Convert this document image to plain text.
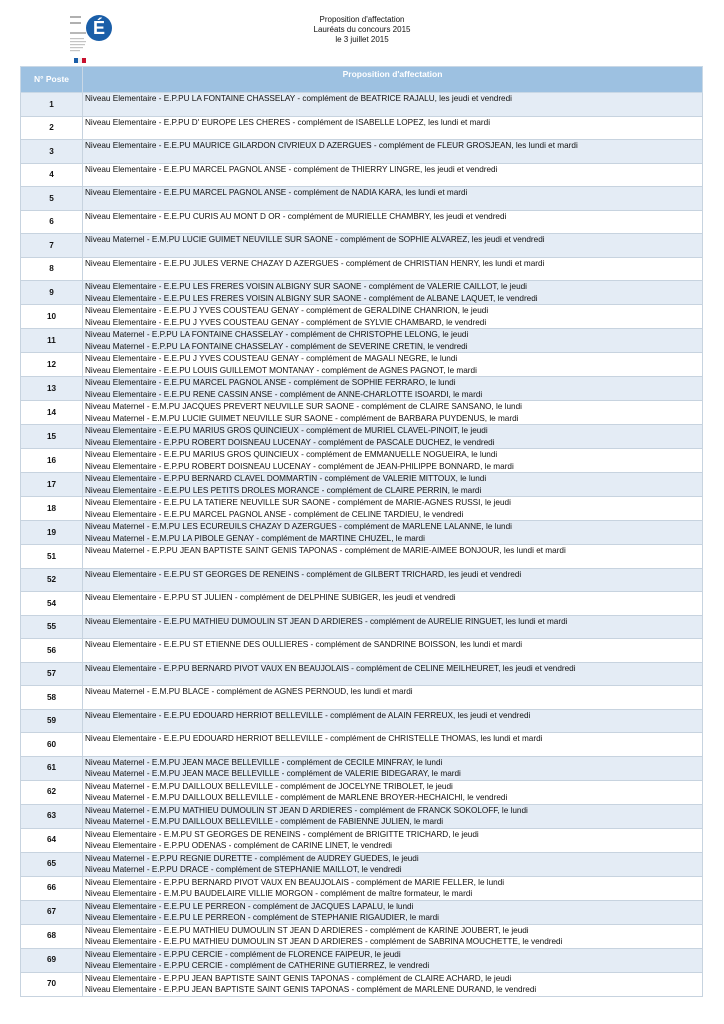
É	Proposition d'affectation
Lauréats du concours 2015
le 3 juillet 2015
N° Poste	Proposition d'affectation
1	Niveau Elementaire - E.P.PU LA FONTAINE CHASSELAY - complément de BEATRICE RAJALU, les jeudi et vendredi

2	Niveau Elementaire - E.P.PU D' EUROPE LES CHERES - complément de ISABELLE LOPEZ, les lundi et mardi

3	Niveau Elementaire - E.E.PU MAURICE GILARDON CIVRIEUX D AZERGUES - complément de FLEUR GROSJEAN, les lundi et mardi

4	Niveau Elementaire - E.E.PU MARCEL PAGNOL ANSE - complément de THIERRY LINGRE, les jeudi et vendredi

5	Niveau Elementaire - E.E.PU MARCEL PAGNOL ANSE - complément de NADIA KARA, les lundi et mardi

6	Niveau Elementaire - E.E.PU CURIS AU MONT D OR - complément de MURIELLE CHAMBRY, les jeudi et vendredi

7	Niveau Maternel - E.M.PU LUCIE GUIMET NEUVILLE SUR SAONE - complément de SOPHIE ALVAREZ, les jeudi et vendredi

8	Niveau Elementaire - E.E.PU JULES VERNE CHAZAY D AZERGUES - complément de CHRISTIAN HENRY, les lundi et mardi

9	Niveau Elementaire - E.E.PU LES FRERES VOISIN ALBIGNY SUR SAONE - complément de VALERIE CAILLOT, le jeudi
Niveau Elementaire - E.E.PU LES FRERES VOISIN ALBIGNY SUR SAONE - complément de ALBANE LAQUET, le vendredi

10	Niveau Elementaire - E.E.PU J YVES COUSTEAU GENAY - complément de GERALDINE CHANRION, le jeudi
Niveau Elementaire - E.E.PU J YVES COUSTEAU GENAY - complément de SYLVIE CHAMBARD, le vendredi

11	Niveau Maternel - E.P.PU LA FONTAINE CHASSELAY - complément de CHRISTOPHE LELONG, le jeudi
Niveau Maternel - E.P.PU LA FONTAINE CHASSELAY - complément de SEVERINE CRETIN, le vendredi

12	Niveau Elementaire - E.E.PU J YVES COUSTEAU GENAY - complément de MAGALI NEGRE, le lundi
Niveau Elementaire - E.E.PU LOUIS GUILLEMOT MONTANAY - complément de AGNES PAGNOT, le mardi

13	Niveau Elementaire - E.E.PU MARCEL PAGNOL ANSE - complément de SOPHIE FERRARO, le lundi
Niveau Elementaire - E.E.PU RENE CASSIN ANSE - complément de ANNE-CHARLOTTE ISOARDI, le mardi

14	Niveau Maternel - E.M.PU JACQUES PREVERT NEUVILLE SUR SAONE - complément de CLAIRE SANSANO, le lundi
Niveau Maternel - E.M.PU LUCIE GUIMET NEUVILLE SUR SAONE - complément de BARBARA PUYDENUS, le mardi

15	Niveau Elementaire - E.E.PU MARIUS GROS QUINCIEUX - complément de MURIEL CLAVEL-PINOIT, le jeudi
Niveau Elementaire - E.P.PU ROBERT DOISNEAU LUCENAY - complément de PASCALE DUCHEZ, le vendredi

16	Niveau Elementaire - E.E.PU MARIUS GROS QUINCIEUX - complément de EMMANUELLE NOGUEIRA, le lundi
Niveau Elementaire - E.P.PU ROBERT DOISNEAU LUCENAY - complément de JEAN-PHILIPPE BONNARD, le mardi

17	Niveau Elementaire - E.P.PU BERNARD CLAVEL DOMMARTIN - complément de VALERIE MITTOUX, le lundi
Niveau Elementaire - E.E.PU LES PETITS DROLES MORANCE - complément de CLAIRE PERRIN, le mardi

18	Niveau Elementaire - E.E.PU LA TATIERE NEUVILLE SUR SAONE - complément de MARIE-AGNES RUSSI, le jeudi
Niveau Elementaire - E.E.PU MARCEL PAGNOL ANSE - complément de CELINE TARDIEU, le vendredi

19	Niveau Maternel - E.M.PU LES ECUREUILS CHAZAY D AZERGUES - complément de MARLENE LALANNE, le lundi
Niveau Maternel - E.M.PU LA PIBOLE GENAY - complément de MARTINE CHUZEL, le mardi

51	Niveau Maternel - E.P.PU JEAN BAPTISTE SAINT GENIS TAPONAS - complément de MARIE-AIMEE BONJOUR, les lundi et mardi

52	Niveau Elementaire - E.E.PU ST GEORGES DE RENEINS - complément de GILBERT TRICHARD, les jeudi et vendredi

54	Niveau Elementaire - E.P.PU ST JULIEN - complément de DELPHINE SUBIGER, les jeudi et vendredi

55	Niveau Elementaire - E.E.PU MATHIEU DUMOULIN ST JEAN D ARDIERES - complément de AURELIE RINGUET, les lundi et mardi

56	Niveau Elementaire - E.E.PU ST ETIENNE DES OULLIERES - complément de SANDRINE BOISSON, les lundi et mardi

57	Niveau Elementaire - E.P.PU BERNARD PIVOT VAUX EN BEAUJOLAIS - complément de CELINE MEILHEURET, les jeudi et vendredi

58	Niveau Maternel - E.M.PU BLACE - complément de AGNES PERNOUD, les lundi et mardi

59	Niveau Elementaire - E.E.PU EDOUARD HERRIOT BELLEVILLE - complément de ALAIN FERREUX, les jeudi et vendredi

60	Niveau Elementaire - E.E.PU EDOUARD HERRIOT BELLEVILLE - complément de CHRISTELLE THOMAS, les lundi et mardi

61	Niveau Maternel - E.M.PU JEAN MACE BELLEVILLE - complément de CECILE MINFRAY, le lundi
Niveau Maternel - E.M.PU JEAN MACE BELLEVILLE - complément de VALERIE BIDEGARAY, le mardi

62	Niveau Maternel - E.M.PU DAILLOUX BELLEVILLE - complément de JOCELYNE TRIBOLET, le jeudi
Niveau Maternel - E.M.PU DAILLOUX BELLEVILLE - complément de MARLENE BROYER-HECHAICHI, le vendredi

63	Niveau Maternel - E.M.PU MATHIEU DUMOULIN ST JEAN D ARDIERES - complément de FRANCK SOKOLOFF, le lundi
Niveau Maternel - E.M.PU DAILLOUX BELLEVILLE - complément de FABIENNE JULIEN, le mardi

64	Niveau Elementaire - E.M.PU ST GEORGES DE RENEINS - complément de BRIGITTE TRICHARD, le jeudi
Niveau Elementaire - E.P.PU ODENAS - complément de CARINE LINET, le vendredi

65	Niveau Maternel - E.P.PU REGNIE DURETTE - complément de AUDREY GUEDES, le jeudi
Niveau Maternel - E.P.PU DRACE - complément de STEPHANIE MAILLOT, le vendredi

66	Niveau Elementaire - E.P.PU BERNARD PIVOT VAUX EN BEAUJOLAIS - complément de MARIE FELLER, le lundi
Niveau Elementaire - E.M.PU BAUDELAIRE VILLIE MORGON - complément de maître formateur, le mardi

67	Niveau Elementaire - E.E.PU LE PERREON - complément de JACQUES LAPALU, le lundi
Niveau Elementaire - E.E.PU LE PERREON - complément de STEPHANIE RIGAUDIER, le mardi

68	Niveau Elementaire - E.E.PU MATHIEU DUMOULIN ST JEAN D ARDIERES - complément de KARINE JOUBERT, le jeudi
Niveau Elementaire - E.E.PU MATHIEU DUMOULIN ST JEAN D ARDIERES - complément de SABRINA MOUCHETTE, le vendredi

69	Niveau Elementaire - E.P.PU CERCIE - complément de FLORENCE FAIPEUR, le jeudi
Niveau Elementaire - E.P.PU CERCIE - complément de CATHERINE GUTIERREZ, le vendredi

70	Niveau Elementaire - E.P.PU JEAN BAPTISTE SAINT GENIS TAPONAS - complément de CLAIRE ACHARD, le jeudi
Niveau Elementaire - E.P.PU JEAN BAPTISTE SAINT GENIS TAPONAS - complément de MARLENE DURAND, le vendredi
